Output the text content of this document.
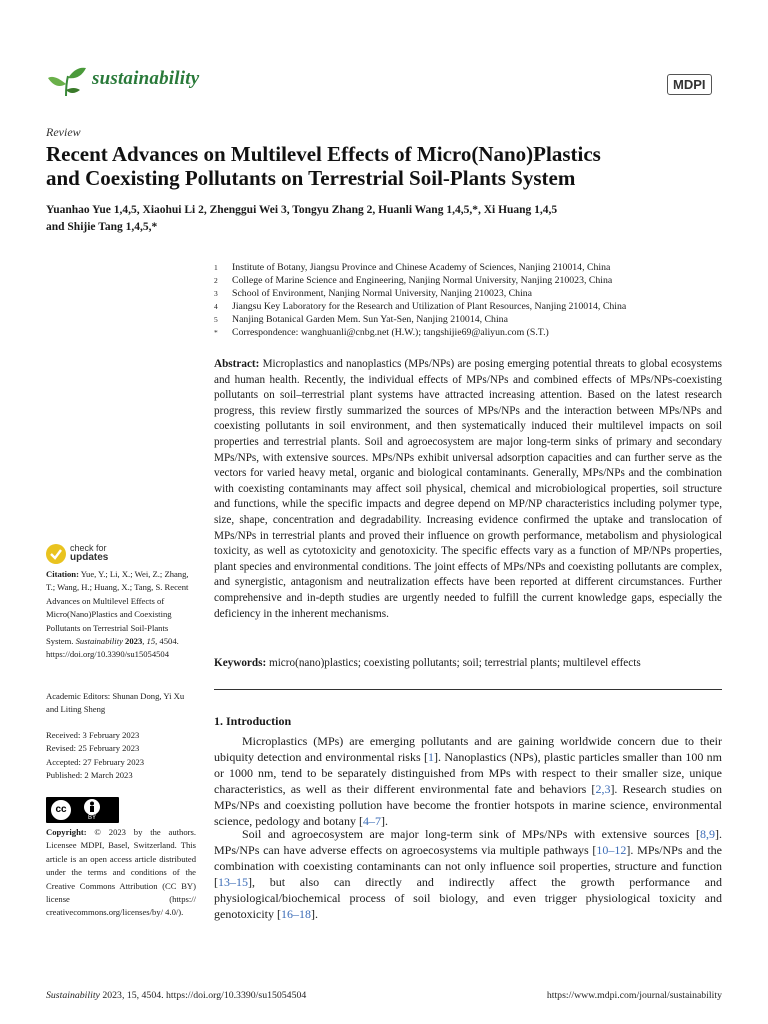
sustainability	MDPI
Review
Recent Advances on Multilevel Effects of Micro(Nano)Plastics
and Coexisting Pollutants on Terrestrial Soil-Plants System
Yuanhao Yue 1,4,5, Xiaohui Li 2, Zhenggui Wei 3, Tongyu Zhang 2, Huanli Wang 1,4,5,*, Xi Huang 1,4,5
and Shijie Tang 1,4,5,*
1	Institute of Botany, Jiangsu Province and Chinese Academy of Sciences, Nanjing 210014, China
2	College of Marine Science and Engineering, Nanjing Normal University, Nanjing 210023, China
3	School of Environment, Nanjing Normal University, Nanjing 210023, China
4	Jiangsu Key Laboratory for the Research and Utilization of Plant Resources, Nanjing 210014, China
5	Nanjing Botanical Garden Mem. Sun Yat-Sen, Nanjing 210014, China
*	Correspondence: wanghuanli@cnbg.net (H.W.); tangshijie69@aliyun.com (S.T.)
Abstract: Microplastics and nanoplastics (MPs/NPs) are posing emerging potential threats to global ecosystems and human health. Recently, the individual effects of MPs/NPs and combined effects of MPs/NPs-coexisting pollutants on soil–terrestrial plant systems have attracted increasing attention. Based on the latest research progress, this review firstly summarized the sources of MPs/NPs and the interaction between MPs/NPs and coexisting pollutants in soil environment, and then systematically induced their multilevel impacts on soil properties and terrestrial plants. Soil and agroecosystem are major long-term sinks of primary and secondary MPs/NPs, with extensive sources. MPs/NPs exhibit universal adsorption capacities and can further serve as the vectors for varied heavy metal, organic and biological contaminants. Generally, MPs/NPs and the combination with coexisting contaminants may affect soil physical, chemical and microbiological properties, soil structure and functions, while the specific impacts and degree depend on MP/NP characteristics including polymer type, size, shape, concentration and degradability. Increasing evidence confirmed the uptake and translocation of MPs/NPs in terrestrial plants and proved their influence on growth performance, metabolism and physiological toxicity, as well as cytotoxicity and genotoxicity. The specific effects vary as a function of MP/NPs properties, plant species and environmental conditions. The joint effects of MPs/NPs and coexisting pollutants are complex, and synergistic, antagonism and neutralization effects have been reported at different circumstances. Further comprehensive and in-depth studies are urgently needed to fulfill the current knowledge gaps, especially the deficiency in the inherent mechanisms.
Keywords: micro(nano)plastics; coexisting pollutants; soil; terrestrial plants; multilevel effects
check for
updates
Citation: Yue, Y.; Li, X.; Wei, Z.; Zhang, T.; Wang, H.; Huang, X.; Tang, S. Recent Advances on Multilevel Effects of Micro(Nano)Plastics and Coexisting Pollutants on Terrestrial Soil-Plants System. Sustainability 2023, 15, 4504. https://doi.org/10.3390/su15054504
Academic Editors: Shunan Dong, Yi Xu and Liting Sheng
Received: 3 February 2023
Revised: 25 February 2023
Accepted: 27 February 2023
Published: 2 March 2023
cc
BY
Copyright: © 2023 by the authors. Licensee MDPI, Basel, Switzerland. This article is an open access article distributed under the terms and conditions of the Creative Commons Attribution (CC BY) license (https:// creativecommons.org/licenses/by/ 4.0/).
1. Introduction
Microplastics (MPs) are emerging pollutants and are gaining worldwide concern due to their ubiquity detection and environmental risks [1]. Nanoplastics (NPs), plastic particles smaller than 100 nm or 1000 nm, tend to be separately distinguished from MPs with respect to their smaller size, unique characteristics, as well as their different environmental fate and behaviors [2,3]. Research studies on MPs/NPs and coexisting pollution have become the frontier hotspots in marine science, environmental science, pedology and botany [4–7].
Soil and agroecosystem are major long-term sink of MPs/NPs with extensive sources [8,9]. MPs/NPs can have adverse effects on agroecosystems via multiple pathways [10–12]. MPs/NPs and the combination with coexisting contaminants can not only influence soil properties, structure and function [13–15], but also can directly and indirectly affect the growth performance and physiological/biochemical process of soil biology, and even trigger physiological toxicity and genotoxicity [16–18].
Sustainability 2023, 15, 4504. https://doi.org/10.3390/su15054504	https://www.mdpi.com/journal/sustainability
